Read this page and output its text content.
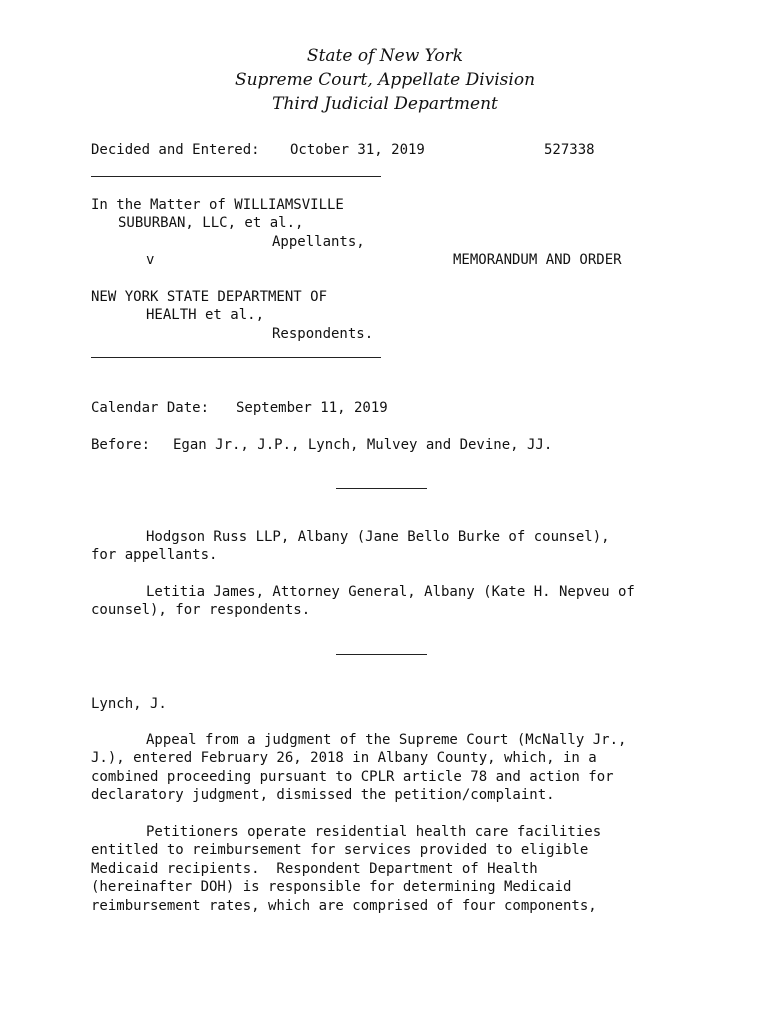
State of New York
Supreme Court, Appellate Division
Third Judicial Department
Decided and Entered: October 31, 2019	527338
In the Matter of WILLIAMSVILLE
SUBURBAN, LLC, et al.,
Appellants,
v	MEMORANDUM AND ORDER
NEW YORK STATE DEPARTMENT OF
HEALTH et al.,
Respondents.
Calendar Date: September 11, 2019
Before: Egan Jr., J.P., Lynch, Mulvey and Devine, JJ.
Hodgson Russ LLP, Albany (Jane Bello Burke of counsel),
for appellants.
Letitia James, Attorney General, Albany (Kate H. Nepveu of
counsel), for respondents.
Lynch, J.
Appeal from a judgment of the Supreme Court (McNally Jr.,
J.), entered February 26, 2018 in Albany County, which, in a
combined proceeding pursuant to CPLR article 78 and action for
declaratory judgment, dismissed the petition/complaint.
Petitioners operate residential health care facilities
entitled to reimbursement for services provided to eligible
Medicaid recipients.  Respondent Department of Health
(hereinafter DOH) is responsible for determining Medicaid
reimbursement rates, which are comprised of four components,
